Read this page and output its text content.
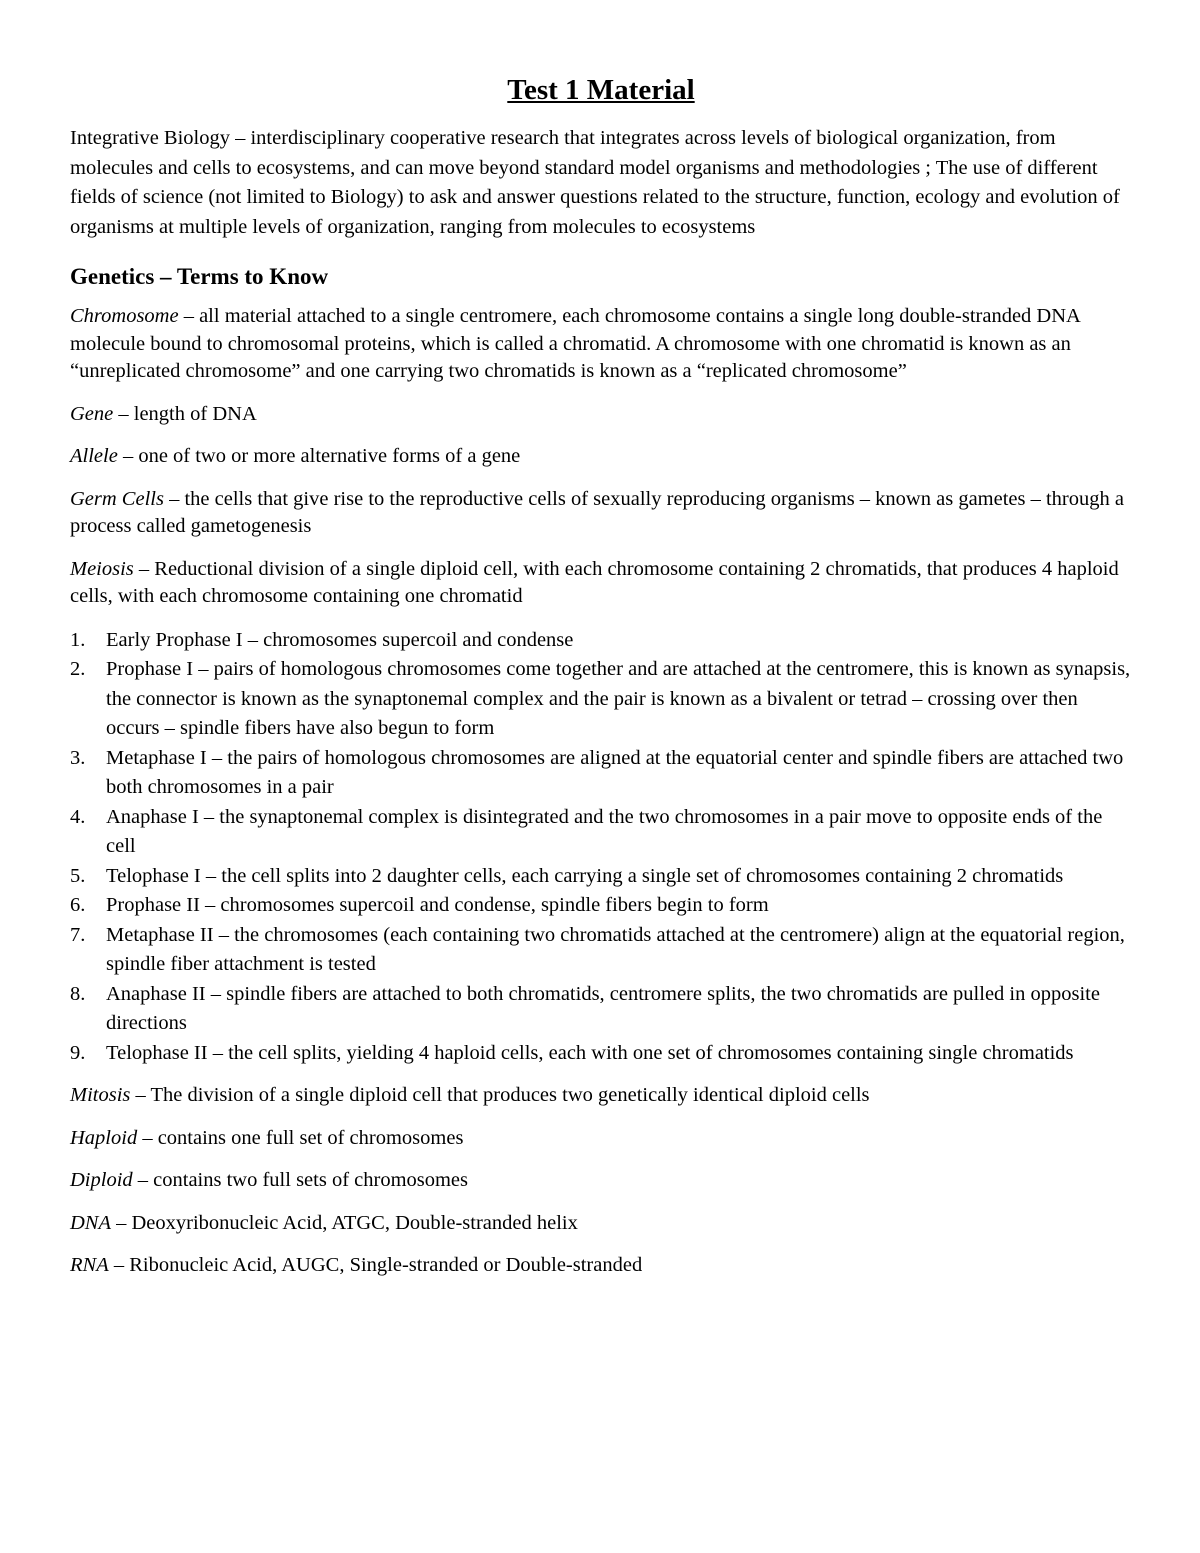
Test 1 Material

Integrative Biology – interdisciplinary cooperative research that integrates across levels of biological organization, from molecules and cells to ecosystems, and can move beyond standard model organisms and methodologies ; The use of different fields of science (not limited to Biology) to ask and answer questions related to the structure, function, ecology and evolution of organisms at multiple levels of organization, ranging from molecules to ecosystems

Genetics – Terms to Know

Chromosome – all material attached to a single centromere, each chromosome contains a single long double-stranded DNA molecule bound to chromosomal proteins, which is called a chromatid. A chromosome with one chromatid is known as an “unreplicated chromosome” and one carrying two chromatids is known as a “replicated chromosome”

Gene – length of DNA

Allele – one of two or more alternative forms of a gene

Germ Cells – the cells that give rise to the reproductive cells of sexually reproducing organisms – known as gametes – through a process called gametogenesis

Meiosis – Reductional division of a single diploid cell, with each chromosome containing 2 chromatids, that produces 4 haploid cells, with each chromosome containing one chromatid

1.	Early Prophase I – chromosomes supercoil and condense
2.	Prophase I – pairs of homologous chromosomes come together and are attached at the centromere, this is known as synapsis, the connector is known as the synaptonemal complex and the pair is known as a bivalent or tetrad – crossing over then occurs – spindle fibers have also begun to form
3.	Metaphase I – the pairs of homologous chromosomes are aligned at the equatorial center and spindle fibers are attached two both chromosomes in a pair
4.	Anaphase I – the synaptonemal complex is disintegrated and the two chromosomes in a pair move to opposite ends of the cell
5.	Telophase I – the cell splits into 2 daughter cells, each carrying a single set of chromosomes containing 2 chromatids
6.	Prophase II – chromosomes supercoil and condense, spindle fibers begin to form
7.	Metaphase II – the chromosomes (each containing two chromatids attached at the centromere) align at the equatorial region, spindle fiber attachment is tested
8.	Anaphase II – spindle fibers are attached to both chromatids, centromere splits, the two chromatids are pulled in opposite directions
9.	Telophase II – the cell splits, yielding 4 haploid cells, each with one set of chromosomes containing single chromatids

Mitosis – The division of a single diploid cell that produces two genetically identical diploid cells

Haploid – contains one full set of chromosomes

Diploid – contains two full sets of chromosomes

DNA – Deoxyribonucleic Acid, ATGC, Double-stranded helix

RNA – Ribonucleic Acid, AUGC, Single-stranded or Double-stranded
